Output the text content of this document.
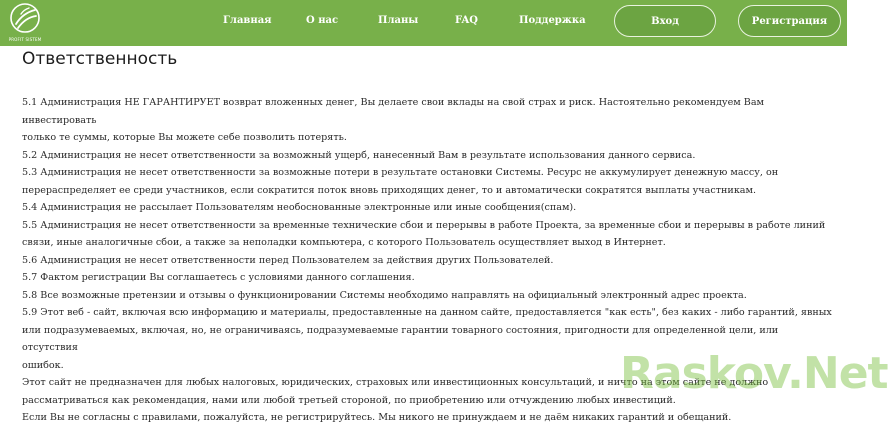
PROFIT SISTEM
Главная	О нас	Планы	FAQ	Поддержка	Вход	Регистрация
Ответственность

5.1 Администрация НЕ ГАРАНТИРУЕТ возврат вложенных денег, Вы делаете свои вклады на свой страх и риск. Настоятельно рекомендуем Вам инвестировать

только те суммы, которые Вы можете себе позволить потерять.

5.2 Администрация не несет ответственности за возможный ущерб, нанесенный Вам в результате использования данного сервиса.

5.3 Администрация не несет ответственности за возможные потери в результате остановки Системы. Ресурс не аккумулирует денежную массу, он

перераспределяет ее среди участников, если сократится поток вновь приходящих денег, то и автоматически сократятся выплаты участникам.

5.4 Администрация не рассылает Пользователям необоснованные электронные или иные сообщения(спам).

5.5 Администрация не несет ответственности за временные технические сбои и перерывы в работе Проекта, за временные сбои и перерывы в работе линий

связи, иные аналогичные сбои, а также за неполадки компьютера, с которого Пользователь осуществляет выход в Интернет.

5.6 Администрация не несет ответственности перед Пользователем за действия других Пользователей.

5.7 Фактом регистрации Вы соглашаетесь с условиями данного соглашения.

5.8 Все возможные претензии и отзывы о функционировании Системы необходимо направлять на официальный электронный адрес проекта.

5.9 Этот веб - сайт, включая всю информацию и материалы, предоставленные на данном сайте, предоставляется "как есть", без каких - либо гарантий, явных

или подразумеваемых, включая, но, не ограничиваясь, подразумеваемые гарантии товарного состояния, пригодности для определенной цели, или отсутствия

ошибок.

Этот сайт не предназначен для любых налоговых, юридических, страховых или инвестиционных консультаций, и ничто на этом сайте не должно

рассматриваться как рекомендация, нами или любой третьей стороной, по приобретению или отчуждению любых инвестиций.

Если Вы не согласны с правилами, пожалуйста, не регистрируйтесь. Мы никого не принуждаем и не даём никаких гарантий и обещаний.

Raskov.Net
